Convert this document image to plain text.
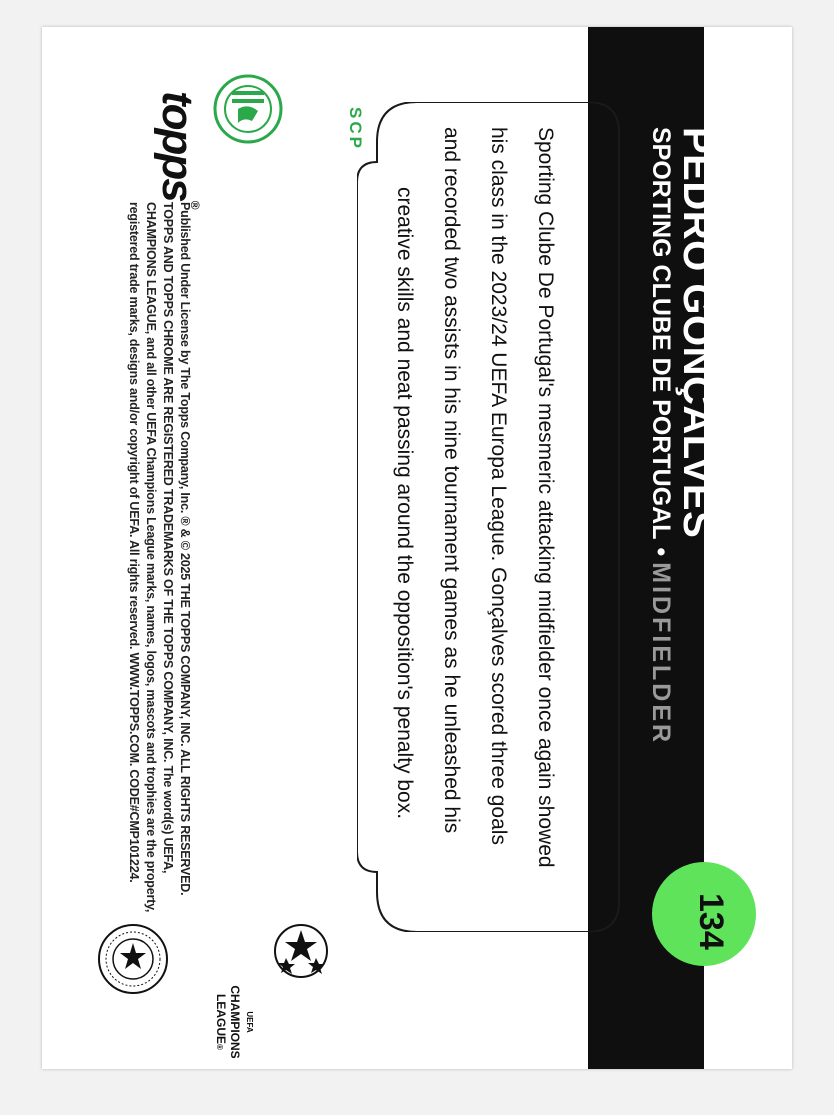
PEDRO GONÇALVES
SPORTING CLUBE DE PORTUGAL•MIDFIELDER
134
Sporting Clube De Portugal's mesmeric attacking midfielder once again showed
his class in the 2023/24 UEFA Europa League. Gonçalves scored three goals
and recorded two assists in his nine tournament games as he unleashed his
creative skills and neat passing around the opposition's penalty box.
SCP
topps®
Published Under License by The Topps Company, Inc. ® & © 2025 THE TOPPS COMPANY, INC. ALL RIGHTS RESERVED.
TOPPS AND TOPPS CHROME ARE REGISTERED TRADEMARKS OF THE TOPPS COMPANY, INC. The word(s) UEFA,
CHAMPIONS LEAGUE, and all other UEFA Champions League marks, names, logos, mascots and trophies are the property,
registered trade marks, designs and/or copyright of UEFA. All rights reserved. WWW.TOPPS.COM. CODE#CMP101224.
UEFA
CHAMPIONS
LEAGUE®
